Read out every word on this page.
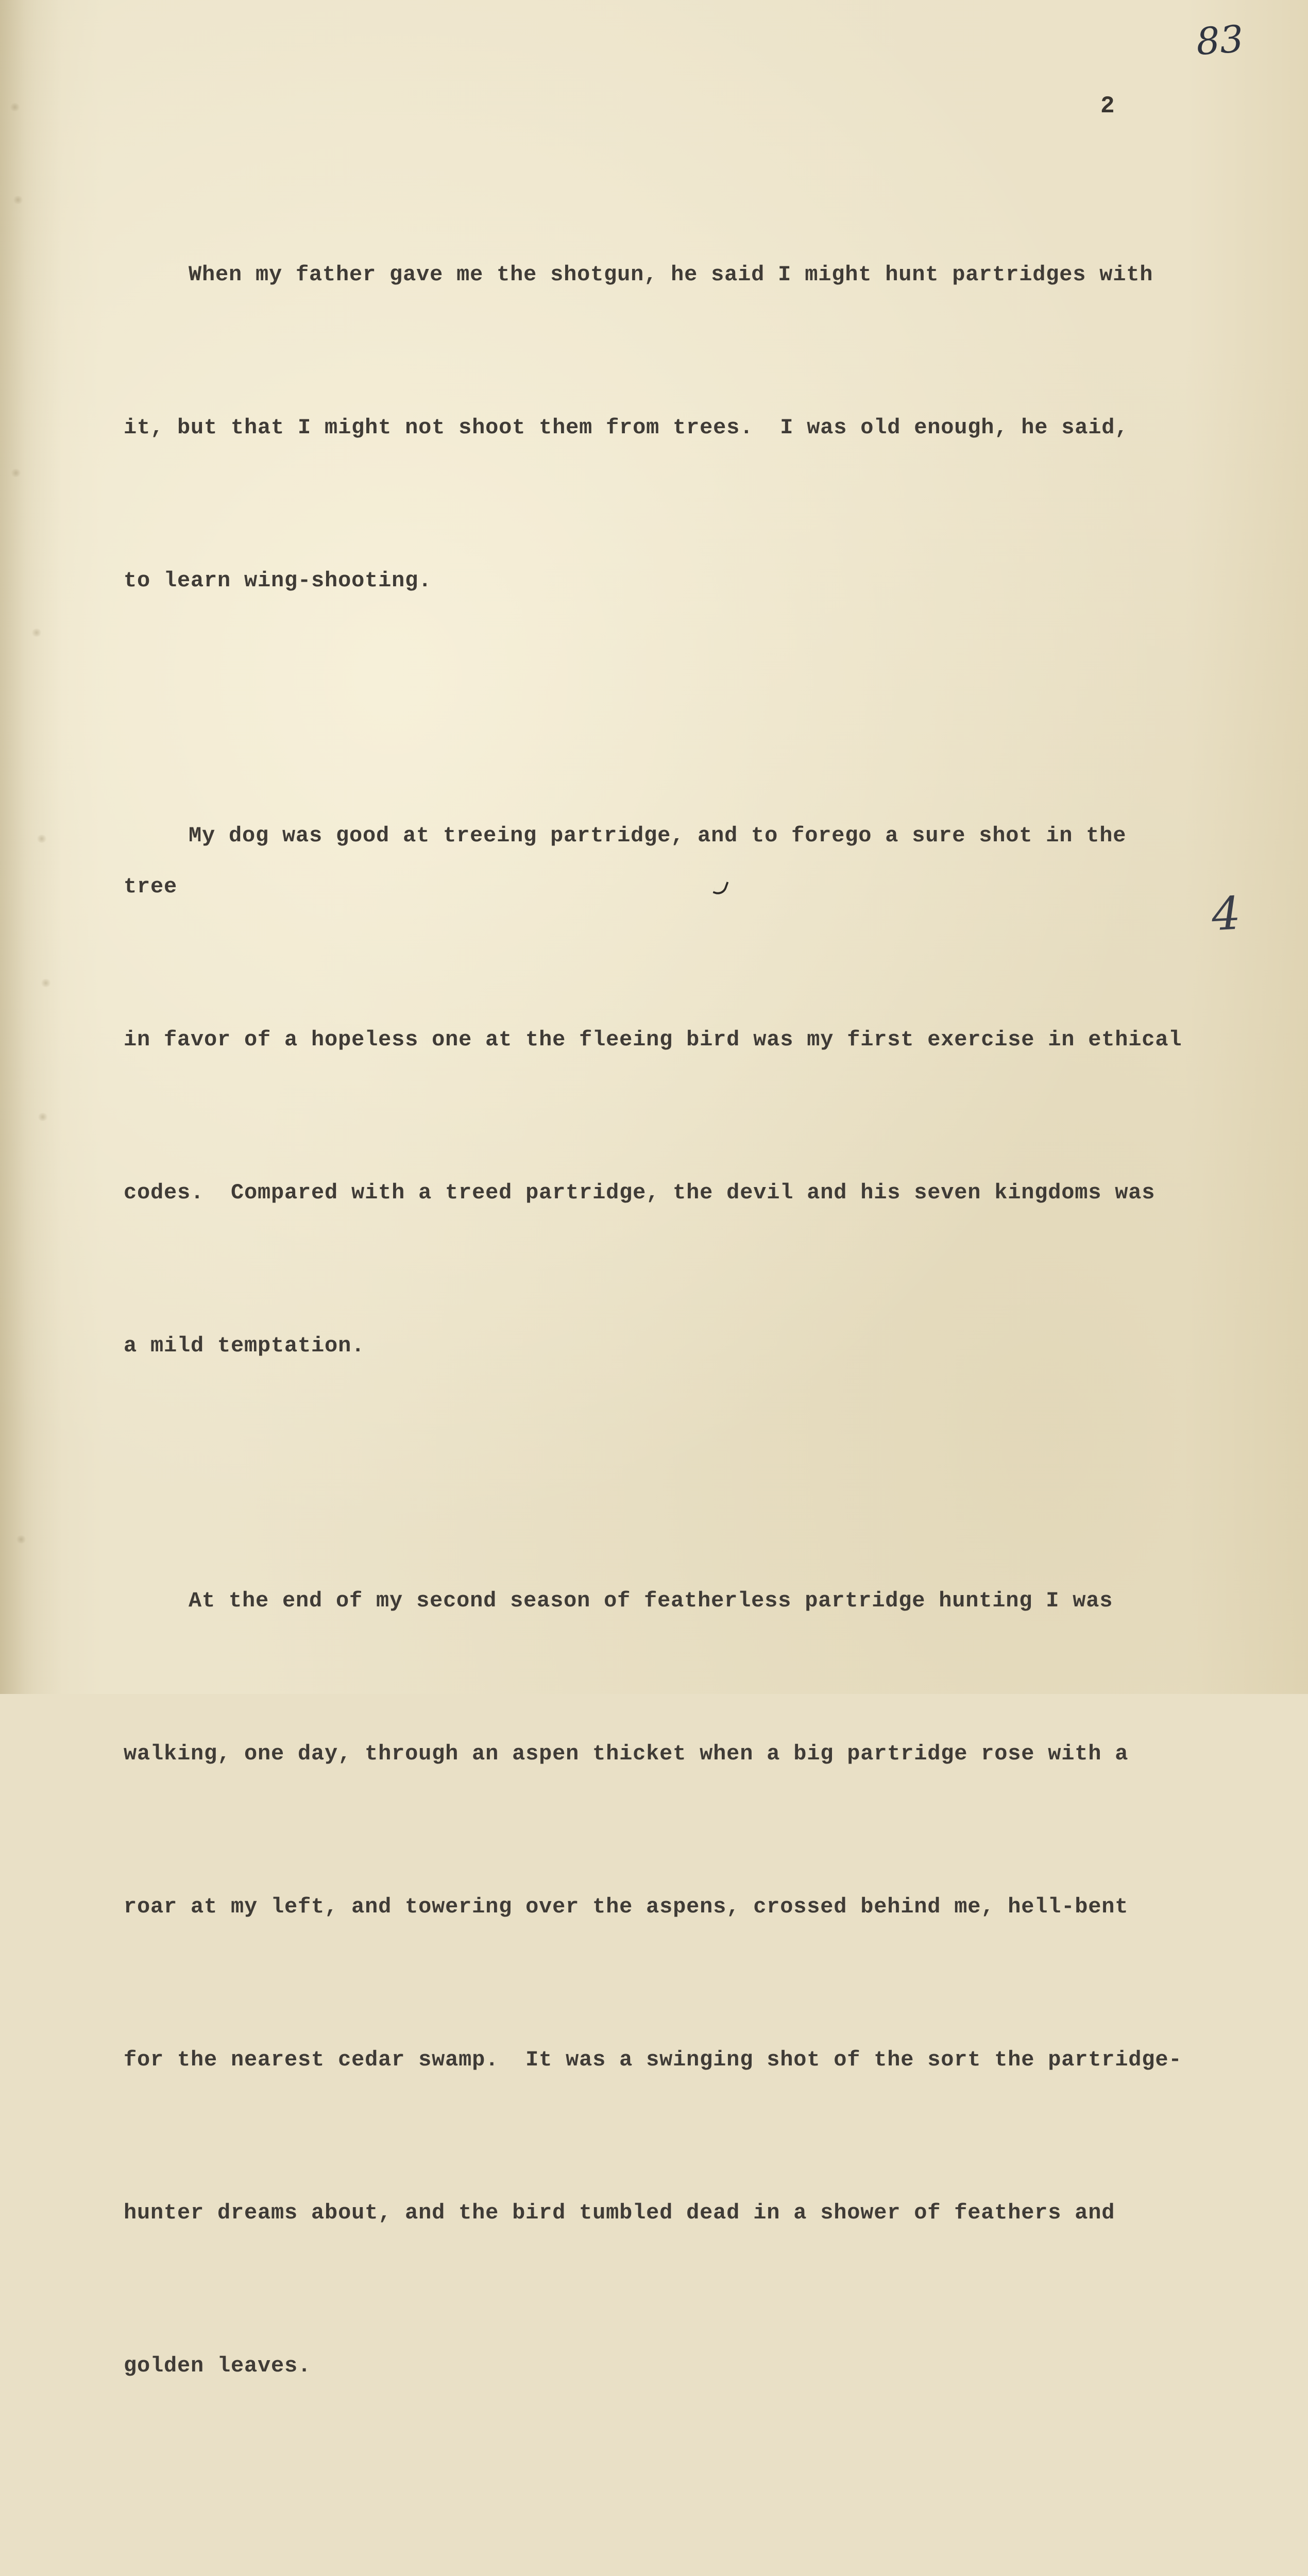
83
2
4

When my father gave me the shotgun, he said I might hunt partridges with

it, but that I might not shoot them from trees.  I was old enough, he said,

to learn wing-shooting.

My dog was good at treeing partridge, and to forego a sure shot in the tree

in favor of a hopeless one at the fleeing bird was my first exercise in ethical

codes.  Compared with a treed partridge, the devil and his seven kingdoms was

a mild temptation.

At the end of my second season of featherless partridge hunting I was

walking, one day, through an aspen thicket when a big partridge rose with a

roar at my left, and towering over the aspens, crossed behind me, hell-bent

for the nearest cedar swamp.  It was a swinging shot of the sort the partridge-

hunter dreams about, and the bird tumbled dead in a shower of feathers and

golden leaves.
